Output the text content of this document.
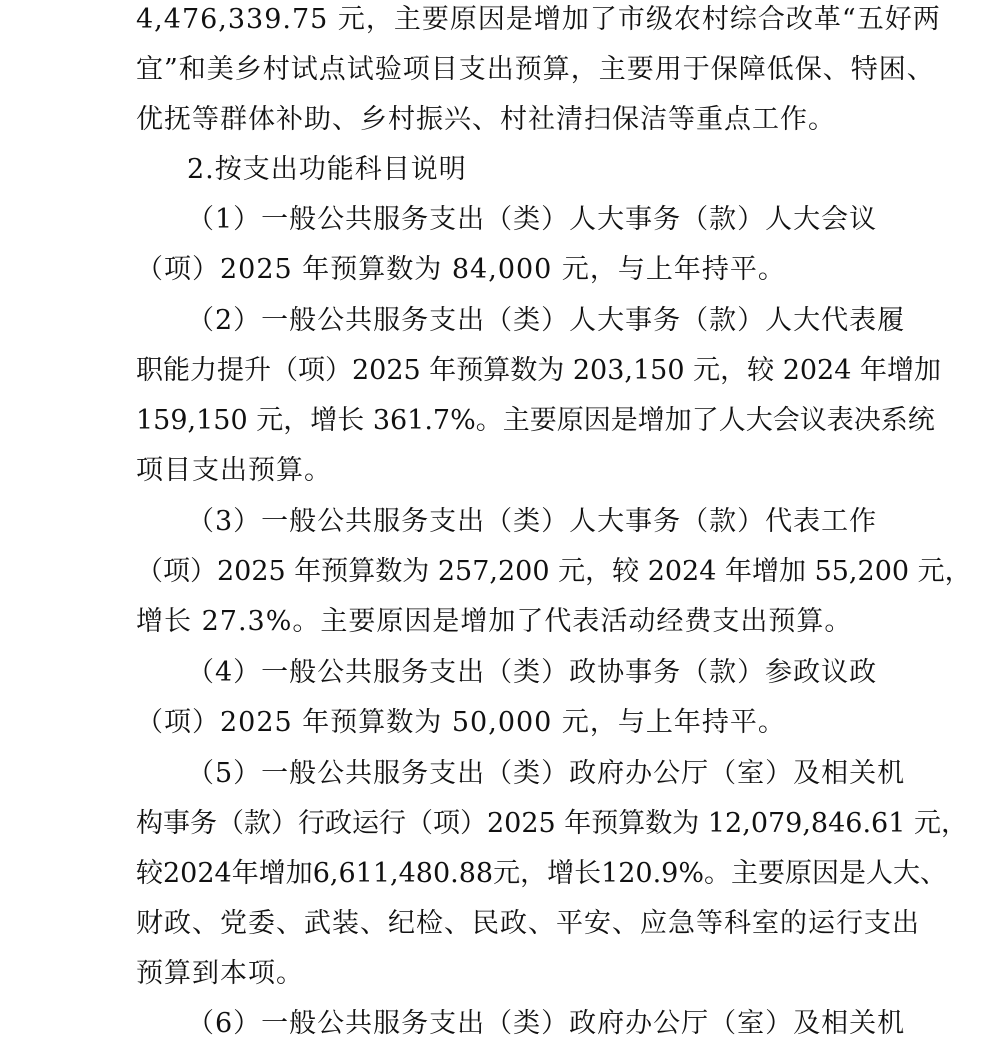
4,476,339.75 元，主要原因是增加了市级农村综合改革“五好两

宜”和美乡村试点试验项目支出预算，主要用于保障低保、特困、

优抚等群体补助、乡村振兴、村社清扫保洁等重点工作。

2.按支出功能科目说明

（1）一般公共服务支出（类）人大事务（款）人大会议

（项）2025 年预算数为 84,000 元，与上年持平。

（2）一般公共服务支出（类）人大事务（款）人大代表履

职能力提升（项）2025 年预算数为 203,150 元，较 2024 年增加

159,150 元，增长 361.7%。主要原因是增加了人大会议表决系统

项目支出预算。

（3）一般公共服务支出（类）人大事务（款）代表工作

（项）2025 年预算数为 257,200 元，较 2024 年增加 55,200 元，

增长 27.3%。主要原因是增加了代表活动经费支出预算。

（4）一般公共服务支出（类）政协事务（款）参政议政

（项）2025 年预算数为 50,000 元，与上年持平。

（5）一般公共服务支出（类）政府办公厅（室）及相关机

构事务（款）行政运行（项）2025 年预算数为 12,079,846.61 元，

较2024年增加6,611,480.88元，增长120.9%。主要原因是人大、

财政、党委、武装、纪检、民政、平安、应急等科室的运行支出

预算到本项。

（6）一般公共服务支出（类）政府办公厅（室）及相关机
